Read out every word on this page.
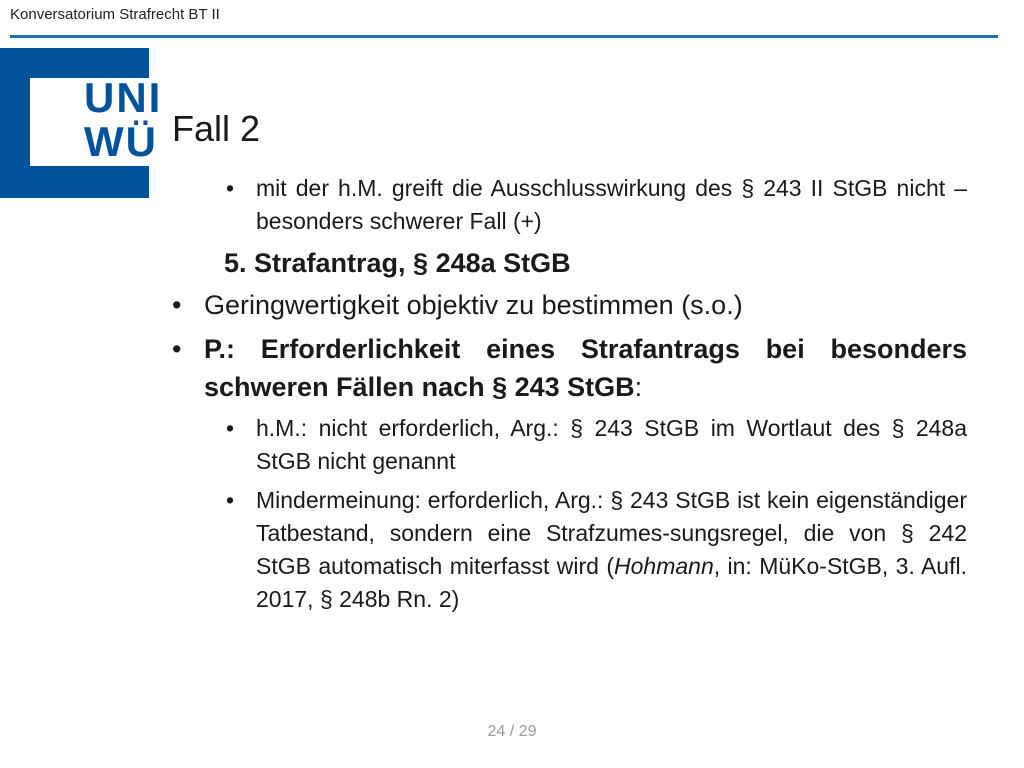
Konversatorium Strafrecht BT II
UNI
WÜ Fall 2
• mit der h.M. greift die Ausschlusswirkung des § 243 II StGB nicht – besonders schwerer Fall (+)
5. Strafantrag, § 248a StGB
• Geringwertigkeit objektiv zu bestimmen (s.o.)
• P.: Erforderlichkeit eines Strafantrags bei besonders schweren Fällen nach § 243 StGB:
• h.M.: nicht erforderlich, Arg.: § 243 StGB im Wortlaut des § 248a StGB nicht genannt
• Mindermeinung: erforderlich, Arg.: § 243 StGB ist kein eigenständiger Tatbestand, sondern eine Strafzumes-sungsregel, die von § 242 StGB automatisch miterfasst wird (Hohmann, in: MüKo-StGB, 3. Aufl. 2017, § 248b Rn. 2)
24 / 29
